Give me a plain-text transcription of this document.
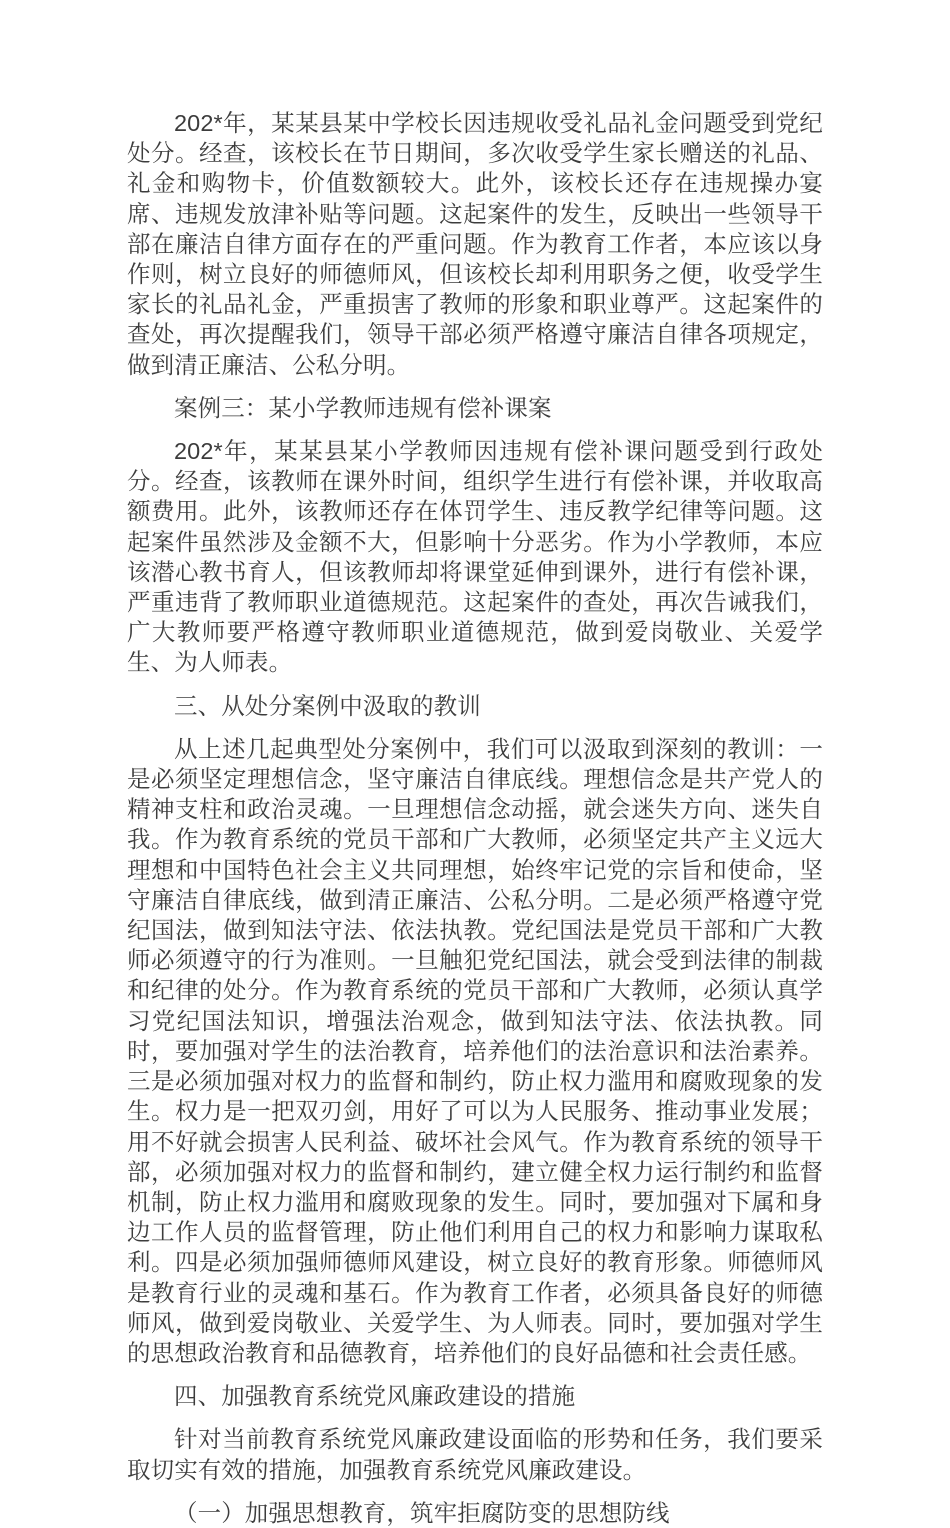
202*年，某某县某中学校长因违规收受礼品礼金问题受到党纪处分。经查，该校长在节日期间，多次收受学生家长赠送的礼品、礼金和购物卡，价值数额较大。此外，该校长还存在违规操办宴席、违规发放津补贴等问题。这起案件的发生，反映出一些领导干部在廉洁自律方面存在的严重问题。作为教育工作者，本应该以身作则，树立良好的师德师风，但该校长却利用职务之便，收受学生家长的礼品礼金，严重损害了教师的形象和职业尊严。这起案件的查处，再次提醒我们，领导干部必须严格遵守廉洁自律各项规定，做到清正廉洁、公私分明。

案例三：某小学教师违规有偿补课案

202*年，某某县某小学教师因违规有偿补课问题受到行政处分。经查，该教师在课外时间，组织学生进行有偿补课，并收取高额费用。此外，该教师还存在体罚学生、违反教学纪律等问题。这起案件虽然涉及金额不大，但影响十分恶劣。作为小学教师，本应该潜心教书育人，但该教师却将课堂延伸到课外，进行有偿补课，严重违背了教师职业道德规范。这起案件的查处，再次告诫我们，广大教师要严格遵守教师职业道德规范，做到爱岗敬业、关爱学生、为人师表。

三、从处分案例中汲取的教训

从上述几起典型处分案例中，我们可以汲取到深刻的教训：一是必须坚定理想信念，坚守廉洁自律底线。理想信念是共产党人的精神支柱和政治灵魂。一旦理想信念动摇，就会迷失方向、迷失自我。作为教育系统的党员干部和广大教师，必须坚定共产主义远大理想和中国特色社会主义共同理想，始终牢记党的宗旨和使命，坚守廉洁自律底线，做到清正廉洁、公私分明。二是必须严格遵守党纪国法，做到知法守法、依法执教。党纪国法是党员干部和广大教师必须遵守的行为准则。一旦触犯党纪国法，就会受到法律的制裁和纪律的处分。作为教育系统的党员干部和广大教师，必须认真学习党纪国法知识，增强法治观念，做到知法守法、依法执教。同时，要加强对学生的法治教育，培养他们的法治意识和法治素养。三是必须加强对权力的监督和制约，防止权力滥用和腐败现象的发生。权力是一把双刃剑，用好了可以为人民服务、推动事业发展；用不好就会损害人民利益、破坏社会风气。作为教育系统的领导干部，必须加强对权力的监督和制约，建立健全权力运行制约和监督机制，防止权力滥用和腐败现象的发生。同时，要加强对下属和身边工作人员的监督管理，防止他们利用自己的权力和影响力谋取私利。四是必须加强师德师风建设，树立良好的教育形象。师德师风是教育行业的灵魂和基石。作为教育工作者，必须具备良好的师德师风，做到爱岗敬业、关爱学生、为人师表。同时，要加强对学生的思想政治教育和品德教育，培养他们的良好品德和社会责任感。

四、加强教育系统党风廉政建设的措施

针对当前教育系统党风廉政建设面临的形势和任务，我们要采取切实有效的措施，加强教育系统党风廉政建设。

（一）加强思想教育，筑牢拒腐防变的思想防线
